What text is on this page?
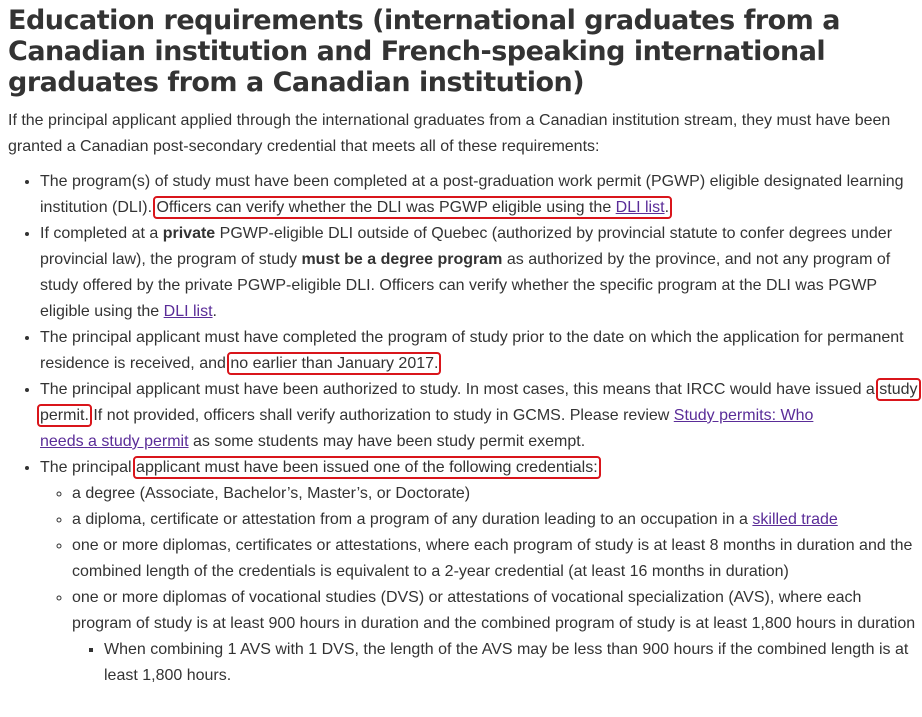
Education requirements (international graduates from a Canadian institution and French-speaking international graduates from a Canadian institution)

If the principal applicant applied through the international graduates from a Canadian institution stream, they must have been granted a Canadian post-secondary credential that meets all of these requirements:

• The program(s) of study must have been completed at a post-graduation work permit (PGWP) eligible designated learning institution (DLI). Officers can verify whether the DLI was PGWP eligible using the DLI list.
• If completed at a private PGWP-eligible DLI outside of Quebec (authorized by provincial statute to confer degrees under provincial law), the program of study must be a degree program as authorized by the province, and not any program of study offered by the private PGWP-eligible DLI. Officers can verify whether the specific program at the DLI was PGWP eligible using the DLI list.
• The principal applicant must have completed the program of study prior to the date on which the application for permanent residence is received, and no earlier than January 2017.
• The principal applicant must have been authorized to study. In most cases, this means that IRCC would have issued a study permit. If not provided, officers shall verify authorization to study in GCMS. Please review Study permits: Who
needs a study permit as some students may have been study permit exempt.
• The principal applicant must have been issued one of the following credentials:
◦ a degree (Associate, Bachelor’s, Master’s, or Doctorate)
◦ a diploma, certificate or attestation from a program of any duration leading to an occupation in a skilled trade
◦ one or more diplomas, certificates or attestations, where each program of study is at least 8 months in duration and the combined length of the credentials is equivalent to a 2-year credential (at least 16 months in duration)
◦ one or more diplomas of vocational studies (DVS) or attestations of vocational specialization (AVS), where each program of study is at least 900 hours in duration and the combined program of study is at least 1,800 hours in duration
▪ When combining 1 AVS with 1 DVS, the length of the AVS may be less than 900 hours if the combined length is at least 1,800 hours.
